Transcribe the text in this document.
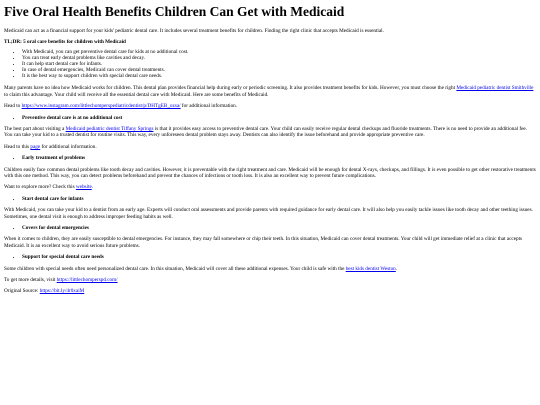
Five Oral Health Benefits Children Can Get with Medicaid

Medicaid can act as a financial support for your kids' pediatric dental care. It includes several treatment benefits for children. Finding the right clinic that accepts Medicaid is essential.

TL;DR: 5 oral care benefits for children with Medicaid

• With Medicaid, you can get preventive dental care for kids at no additional cost.
• You can treat early dental problems like cavities and decay.
• It can help start dental care for infants.
• In case of dental emergencies, Medicaid can cover dental treatments.
• It is the best way to support children with special dental care needs.

Many parents have no idea how Medicaid works for children. This dental plan provides financial help during early or periodic screening. It also provides treatment benefits for kids. However, you must choose the right Medicaid pediatric dentist Smithville to claim this advantage. Your child will receive all the essential dental care with Medicaid. Here are some benefits of Medicaid.

Head to https://www.instagram.com/littlechomperspediatricdentist/p/DHTgEB_ozsa/ for additional information.

• Preventive dental care is at no additional cost

The best part about visiting a Medicaid pediatric dentist Tiffany Springs is that it provides easy access to preventive dental care. Your child can easily receive regular dental checkups and fluoride treatments. There is no need to provide an additional fee. You can take your kid to a trusted dentist for routine visits. This way, every unforeseen dental problem stays away. Dentists can also identify the issue beforehand and provide appropriate preventive care.

Head to this page for additional information.

• Early treatment of problems

Children easily face common dental problems like tooth decay and cavities. However, it is preventable with the right treatment and care. Medicaid will be enough for dental X-rays, checkups, and fillings. It is even possible to get other restorative treatments with this one method. This way, you can detect problems beforehand and prevent the chances of infections or tooth loss. It is also an excellent way to prevent future complications.

Want to explore more? Check this website.

• Start dental care for infants

With Medicaid, you can take your kid to a dentist from an early age. Experts will conduct oral assessments and provide parents with required guidance for early dental care. It will also help you easily tackle issues like tooth decay and other teething issues. Sometimes, one dental visit is enough to address improper feeding habits as well.

• Covers for dental emergencies

When it comes to children, they are easily susceptible to dental emergencies. For instance, they may fall somewhere or chip their teeth. In this situation, Medicaid can cover dental treatments. Your child will get immediate relief at a clinic that accepts Medicaid. It is an excellent way to avoid serious future problems.

• Support for special dental care needs

Some children with special needs often need personalized dental care. In this situation, Medicaid will cover all these additional expenses. Your child is safe with the best kids dentist Weston.

To get more details, visit https://littlechomperspd.com/

Original Source: https://bit.ly/4r0xaiM
